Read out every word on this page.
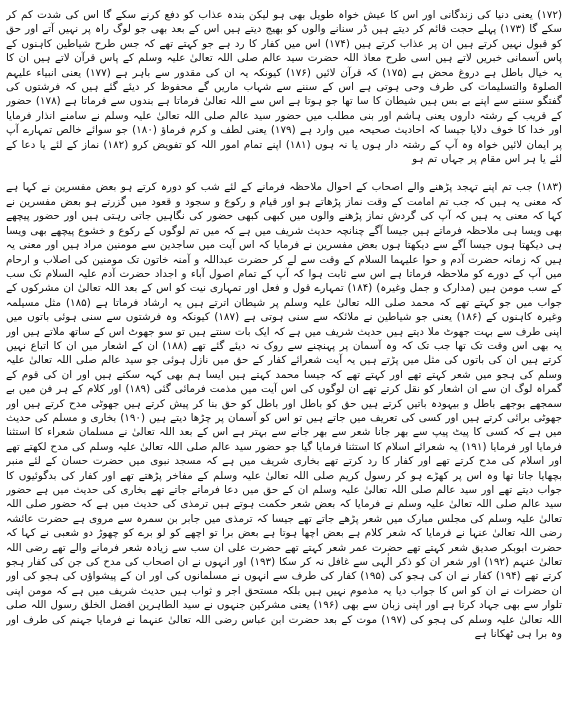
(۱۷۲) یعنی دنیا کی زندگانی اور اس کا عیش خواہ طویل بھی ہو لیکن بندہ عذاب کو دفع کرنے سکے گا اس کی شدت کم کر سکے گا (۱۷۳) پہلے حجت قائم کر دیتے ہیں ڈر سنانے والوں کو بھیج دیتے ہیں اس کے بعد بھی جو لوگ راہ پر نہیں آتے اور حق کو قبول نہیں کرتے ہیں ان پر عذاب کرتے ہیں (۱۷۴) اس میں کفار کا رد ہے جو کہتے تھے کہ جس طرح شیاطین کاہنوں کے پاس آسمانی خبریں لاتے ہیں اسی طرح معاذ اللہ حضرت سید عالم صلی اللہ تعالیٰ علیہ وسلم کے پاس قرآن لاتے ہیں ان کا یہ خیال باطل ہے دروغ محض ہے (۱۷۵) کہ قرآن لائیں (۱۷۶) کیونکہ یہ ان کی مقدور سے باہر ہے (۱۷۷) یعنی انبیاء علیہم الصلوۃ والتسلیمات کی طرف وحی ہوتی ہے اس کے سننے سے شہاب ماریں گے محفوظ کر دیئے گئے ہیں کہ فرشتوں کی گفتگو سننے سے اپنے بے بس ہیں شیطان کا سا تھا جو ہوتا ہے اس سے اللہ تعالیٰ فرماتا ہے بندوں سے فرماتا ہے (۱۷۸) حضور کے قریب کے رشتہ داروں یعنی ہاشم اور بنی مطلب میں حضور سید عالم صلی اللہ تعالیٰ علیہ وسلم نے سامنے انذار فرمایا اور خدا کا خوف دلایا جیسا کہ احادیث صحیحہ میں وارد ہے (۱۷۹) یعنی لطف و کرم فرماؤ (۱۸۰) جو سوائے خالص تمہارے آپ پر ایمان لائیں خواہ وہ آپ کے رشتہ دار ہوں یا نہ ہوں (۱۸۱) اپنے تمام امور اللہ کو تفویض کرو (۱۸۲) نماز کے لئے یا دعا کے لئے یا ہر اس مقام پر جہاں تم ہو

(۱۸۳) جب تم اپنے تہجد پڑھنے والے اصحاب کے احوال ملاحظہ فرمانے کے لئے شب کو دورہ کرتے ہو بعض مفسرین نے کہا ہے کہ معنی یہ ہیں کہ جب تم امامت کے وقت نماز پڑھاتے ہو اور قیام و رکوع و سجود و قعود میں گزرتے ہو بعض مفسرین نے کہا کہ معنی یہ ہیں کہ آپ کی گردش نماز پڑھنے والوں میں کبھی کبھی حضور کی نگاہیں جاتی رہتی ہیں اور حضور پیچھے بھی ویسا ہی ملاحظہ فرماتے ہیں جیسا آگے چنانچہ حدیث شریف میں ہے کہ میں تم لوگوں کے رکوع و خشوع پیچھے بھی ویسا ہی دیکھتا ہوں جیسا آگے سے دیکھتا ہوں بعض مفسرین نے فرمایا کہ اس آیت میں ساجدین سے مومنین مراد ہیں اور معنی یہ ہیں کہ زمانہ حضرت آدم و حوا علیہما السلام کے وقت سے لے کر حضرت عبداللہ و آمنہ خاتون تک مومنین کی اصلاب و ارحام میں آپ کے دورے کو ملاحظہ فرماتا ہے اس سے ثابت ہوا کہ آپ کے تمام اصول آباء و اجداد حضرت آدم علیہ السلام تک سب کے سب مومن ہیں (مدارک و جمل وغیرہ) (۱۸۴) تمہارے قول و فعل اور تمہاری نیت کو اس کے بعد اللہ تعالیٰ ان مشرکوں کے جواب میں جو کہتے تھے کہ محمد صلی اللہ تعالیٰ علیہ وسلم پر شیطان اترتے ہیں یہ ارشاد فرماتا ہے (۱۸۵) مثل مسیلمہ وغیرہ کاہنوں کے (۱۸۶) یعنی جو شیاطین نے ملائکہ سے سنی ہوتی ہے (۱۸۷) کیونکہ وہ فرشتوں سے سنی ہوئی باتوں میں اپنی طرف سے بہت جھوٹ ملا دیتے ہیں حدیث شریف میں ہے کہ ایک بات سنتے ہیں تو سو جھوٹ اس کے ساتھ ملاتے ہیں اور یہ بھی اس وقت تک تھا جب تک کہ وہ آسمان پر پہنچنے سے روک نہ دیئے گئے تھے (۱۸۸) ان کے اشعار میں ان کا اتباع نہیں کرتے ہیں ان کی باتوں کی مثل میں پڑتے ہیں یہ آیت شعرائے کفار کے حق میں نازل ہوئی جو سید عالم صلی اللہ تعالیٰ علیہ وسلم کی ہجو میں شعر کہتے تھے اور کہتے تھے کہ جیسا محمد کہتے ہیں ایسا ہم بھی کہہ سکتے ہیں اور ان کی قوم کے گمراہ لوگ ان سے ان اشعار کو نقل کرتے تھے ان لوگوں کی اس آیت میں مذمت فرمائی گئی (۱۸۹) اور کلام کے ہر فن میں بے سمجھے بوجھے باطل و بیہودہ باتیں کرتے ہیں حق کو باطل اور باطل کو حق بنا کر پیش کرتے ہیں جھوٹی مدح کرتے ہیں اور جھوٹی برائی کرتے ہیں اور کسی کی تعریف میں جاتے ہیں تو اس کو آسمان پر چڑھا دیتے ہیں (۱۹۰) بخاری و مسلم کی حدیث میں ہے کہ کسی کا پیٹ پیپ سے بھر جانا شعر سے بھر جانے سے بہتر ہے اس کے بعد اللہ تعالیٰ نے مسلمان شعراء کا استثنا فرمایا اور فرمایا (۱۹۱) یہ شعرائے اسلام کا استثنا فرمایا گیا جو حضور سید عالم صلی اللہ تعالیٰ علیہ وسلم کی مدح لکھتے تھے اور اسلام کی مدح کرتے تھے اور کفار کا رد کرتے تھے بخاری شریف میں ہے کہ مسجد نبوی میں حضرت حسان کے لئے منبر بچھایا جاتا تھا وہ اس پر کھڑے ہو کر رسول کریم صلی اللہ تعالیٰ علیہ وسلم کے مفاخر پڑھتے تھے اور کفار کی بدگوئیوں کا جواب دیتے تھے اور سید عالم صلی اللہ تعالیٰ علیہ وسلم ان کے حق میں دعا فرماتے جاتے تھے بخاری کی حدیث میں ہے حضور سید عالم صلی اللہ تعالیٰ علیہ وسلم نے فرمایا کہ بعض شعر حکمت ہوتے ہیں ترمذی کی حدیث میں ہے کہ حضور صلی اللہ تعالیٰ علیہ وسلم کی مجلس مبارک میں شعر پڑھے جاتے تھے جیسا کہ ترمذی میں جابر بن سمرہ سے مروی ہے حضرت عائشہ رضی اللہ تعالیٰ عنہا نے فرمایا کہ شعر کلام ہے بعض اچھا ہوتا ہے بعض برا تو اچھے کو لو برے کو چھوڑ دو شعبی نے کہا کہ حضرت ابوبکر صدیق شعر کہتے تھے حضرت عمر شعر کہتے تھے حضرت علی ان سب سے زیادہ شعر فرمانے والے تھے رضی اللہ تعالیٰ عنہم (۱۹۲) اور شعر ان کو ذکر الٰہی سے غافل نہ کر سکا (۱۹۳) اور انہوں نے ان اصحاب کی مدح کی جن کی کفار ہجو کرتے تھے (۱۹۴) کفار نے ان کی ہجو کی (۱۹۵) کفار کی طرف سے انہوں نے مسلمانوں کی اور ان کے پیشواؤں کی ہجو کی اور ان حضرات نے ان کو اس کا جواب دیا یہ مذموم نہیں ہیں بلکہ مستحق اجر و ثواب ہیں حدیث شریف میں ہے کہ مومن اپنی تلوار سے بھی جہاد کرتا ہے اور اپنی زبان سے بھی (۱۹۶) یعنی مشرکین جنہوں نے سید الطاہرین افضل الخلق رسول اللہ صلی اللہ تعالیٰ علیہ وسلم کی ہجو کی (۱۹۷) موت کے بعد حضرت ابن عباس رضی اللہ تعالیٰ عنہما نے فرمایا جہنم کی طرف اور وہ برا ہی ٹھکانا ہے
